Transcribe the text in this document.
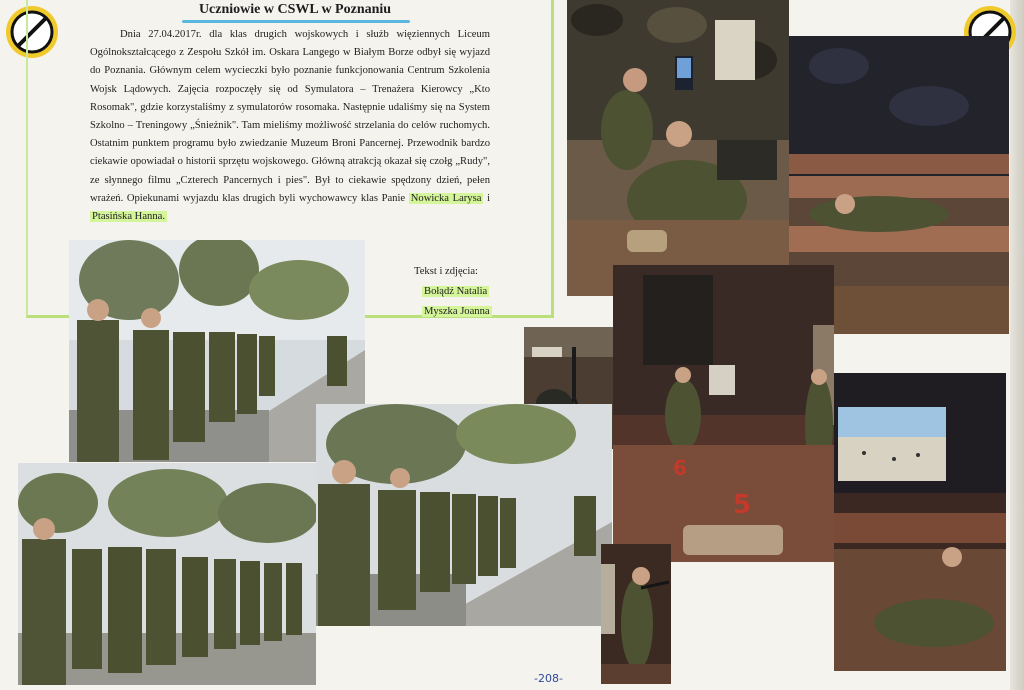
Uczniowie w CSWL w Poznaniu
Dnia 27.04.2017r. dla klas drugich wojskowych i służb więziennych Liceum Ogólnokształcącego z Zespołu Szkół im. Oskara Langego w Białym Borze odbył się wyjazd do Poznania. Głównym celem wycieczki było poznanie funkcjonowania Centrum Szkolenia Wojsk Lądowych. Zajęcia rozpoczęły się od Symulatora – Trenażera Kierowcy „Kto Rosomak", gdzie korzystaliśmy z symulatorów rosomaka. Następnie udaliśmy się na System Szkolno – Treningowy „Śnieżnik". Tam mieliśmy możliwość strzelania do celów ruchomych. Ostatnim punktem programu było zwiedzanie Muzeum Broni Pancernej. Przewodnik bardzo ciekawie opowiadał o historii sprzętu wojskowego. Główną atrakcją okazał się czołg „Rudy", ze słynnego filmu „Czterech Pancernych i pies". Był to ciekawie spędzony dzień, pełen wrażeń. Opiekunami wyjazdu klas drugich byli wychowawcy klas Panie Nowicka Larysa i Ptasińska Hanna.
Tekst i zdjęcia:
Bołądź Natalia
Myszka Joanna
6
5
-208-
